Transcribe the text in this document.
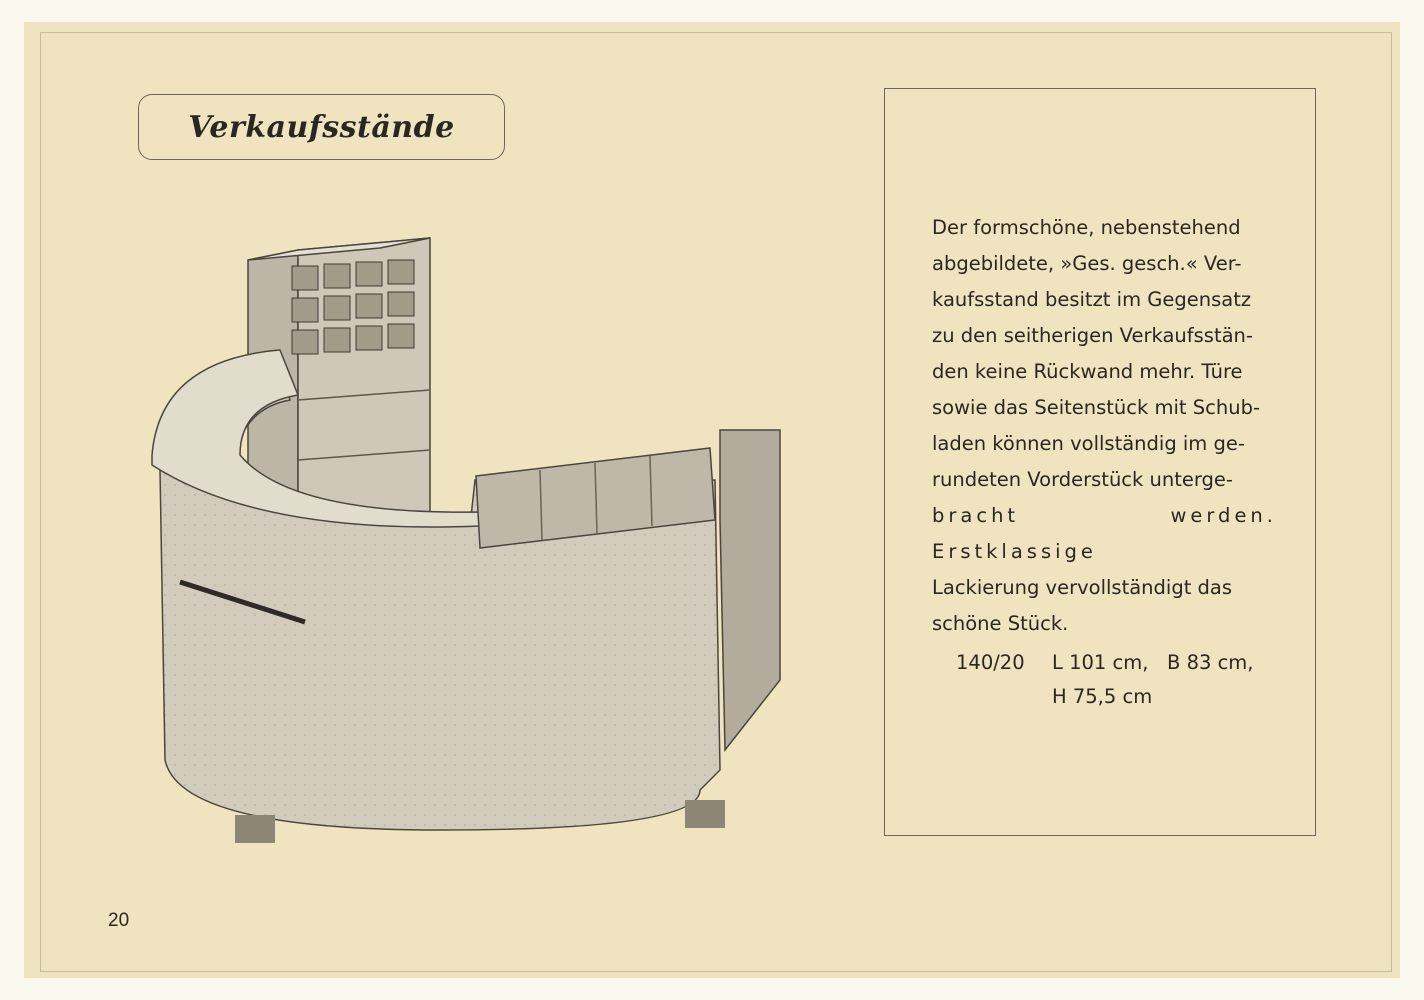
Verkaufsstände

Der formschöne, nebenstehend
abgebildete, »Ges. gesch.« Ver-
kaufsstand besitzt im Gegensatz
zu den seitherigen Verkaufsstän-
den keine Rückwand mehr. Türe
sowie das Seitenstück mit Schub-
laden können vollständig im ge-
rundeten Vorderstück unterge-
bracht werden. Erstklassige
Lackierung vervollständigt das
schöne Stück.

140/20	L 101 cm,   B 83 cm,
H 75,5 cm
20
